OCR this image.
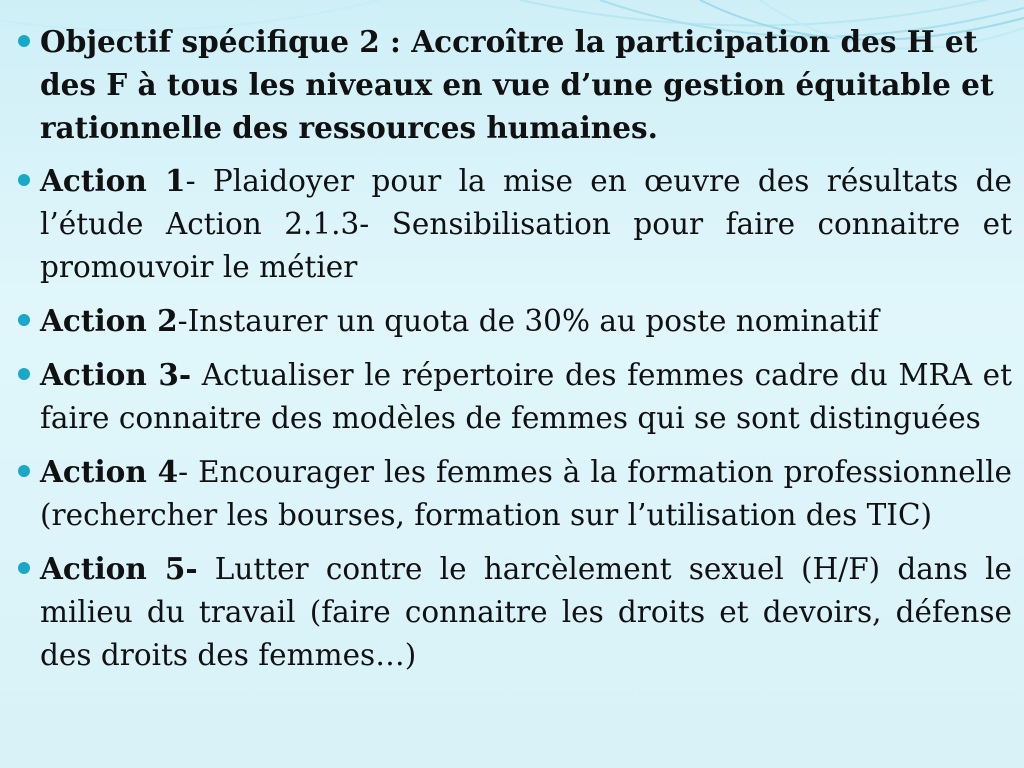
Objectif spécifique 2 : Accroître la participation des H et des F à tous les niveaux en vue d’une gestion équitable et rationnelle des ressources humaines.
Action 1- Plaidoyer pour la mise en œuvre des résultats de l’étude Action 2.1.3- Sensibilisation pour faire connaitre et promouvoir le métier
Action 2-Instaurer un quota de 30% au poste nominatif
Action 3- Actualiser le répertoire des femmes cadre du MRA et faire connaitre des modèles de femmes qui se sont distinguées
Action 4- Encourager les femmes à la formation professionnelle (rechercher les bourses, formation sur l’utilisation des TIC)
Action 5- Lutter contre le harcèlement sexuel (H/F) dans le milieu du travail (faire connaitre les droits et devoirs, défense des droits des femmes…)
